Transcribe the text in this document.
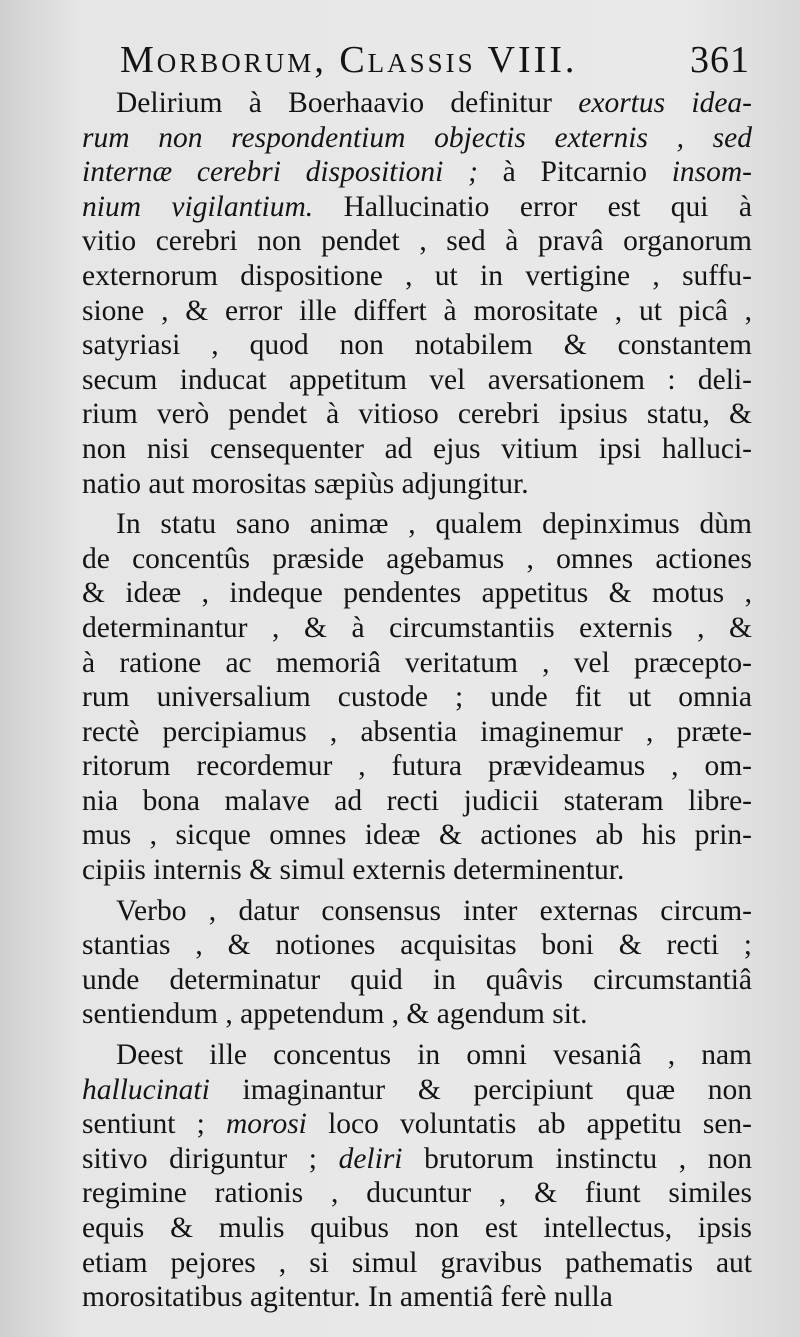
Morborum, Classis VIII.	361
Delirium à Boerhaavio definitur exortus idea-
rum non respondentium objectis externis , sed
internæ cerebri dispositioni ; à Pitcarnio insom-
nium vigilantium. Hallucinatio error est qui à
vitio cerebri non pendet , sed à pravâ organorum
externorum dispositione , ut in vertigine , suffu-
sione , & error ille differt à morositate , ut picâ ,
satyriasi , quod non notabilem & constantem
secum inducat appetitum vel aversationem : deli-
rium verò pendet à vitioso cerebri ipsius statu, &
non nisi censequenter ad ejus vitium ipsi halluci-
natio aut morositas sæpiùs adjungitur.
In statu sano animæ , qualem depinximus dùm
de concentûs præside agebamus , omnes actiones
& ideæ , indeque pendentes appetitus & motus ,
determinantur , & à circumstantiis externis , &
à ratione ac memoriâ veritatum , vel præcepto-
rum universalium custode ; unde fit ut omnia
rectè percipiamus , absentia imaginemur , præte-
ritorum recordemur , futura prævideamus , om-
nia bona malave ad recti judicii stateram libre-
mus , sicque omnes ideæ & actiones ab his prin-
cipiis internis & simul externis determinentur.
Verbo , datur consensus inter externas circum-
stantias , & notiones acquisitas boni & recti ;
unde determinatur quid in quâvis circumstantiâ
sentiendum , appetendum , & agendum sit.
Deest ille concentus in omni vesaniâ , nam
hallucinati imaginantur & percipiunt quæ non
sentiunt ; morosi loco voluntatis ab appetitu sen-
sitivo diriguntur ; deliri brutorum instinctu , non
regimine rationis , ducuntur , & fiunt similes
equis & mulis quibus non est intellectus, ipsis
etiam pejores , si simul gravibus pathematis aut
morositatibus agitentur. In amentiâ ferè nulla
